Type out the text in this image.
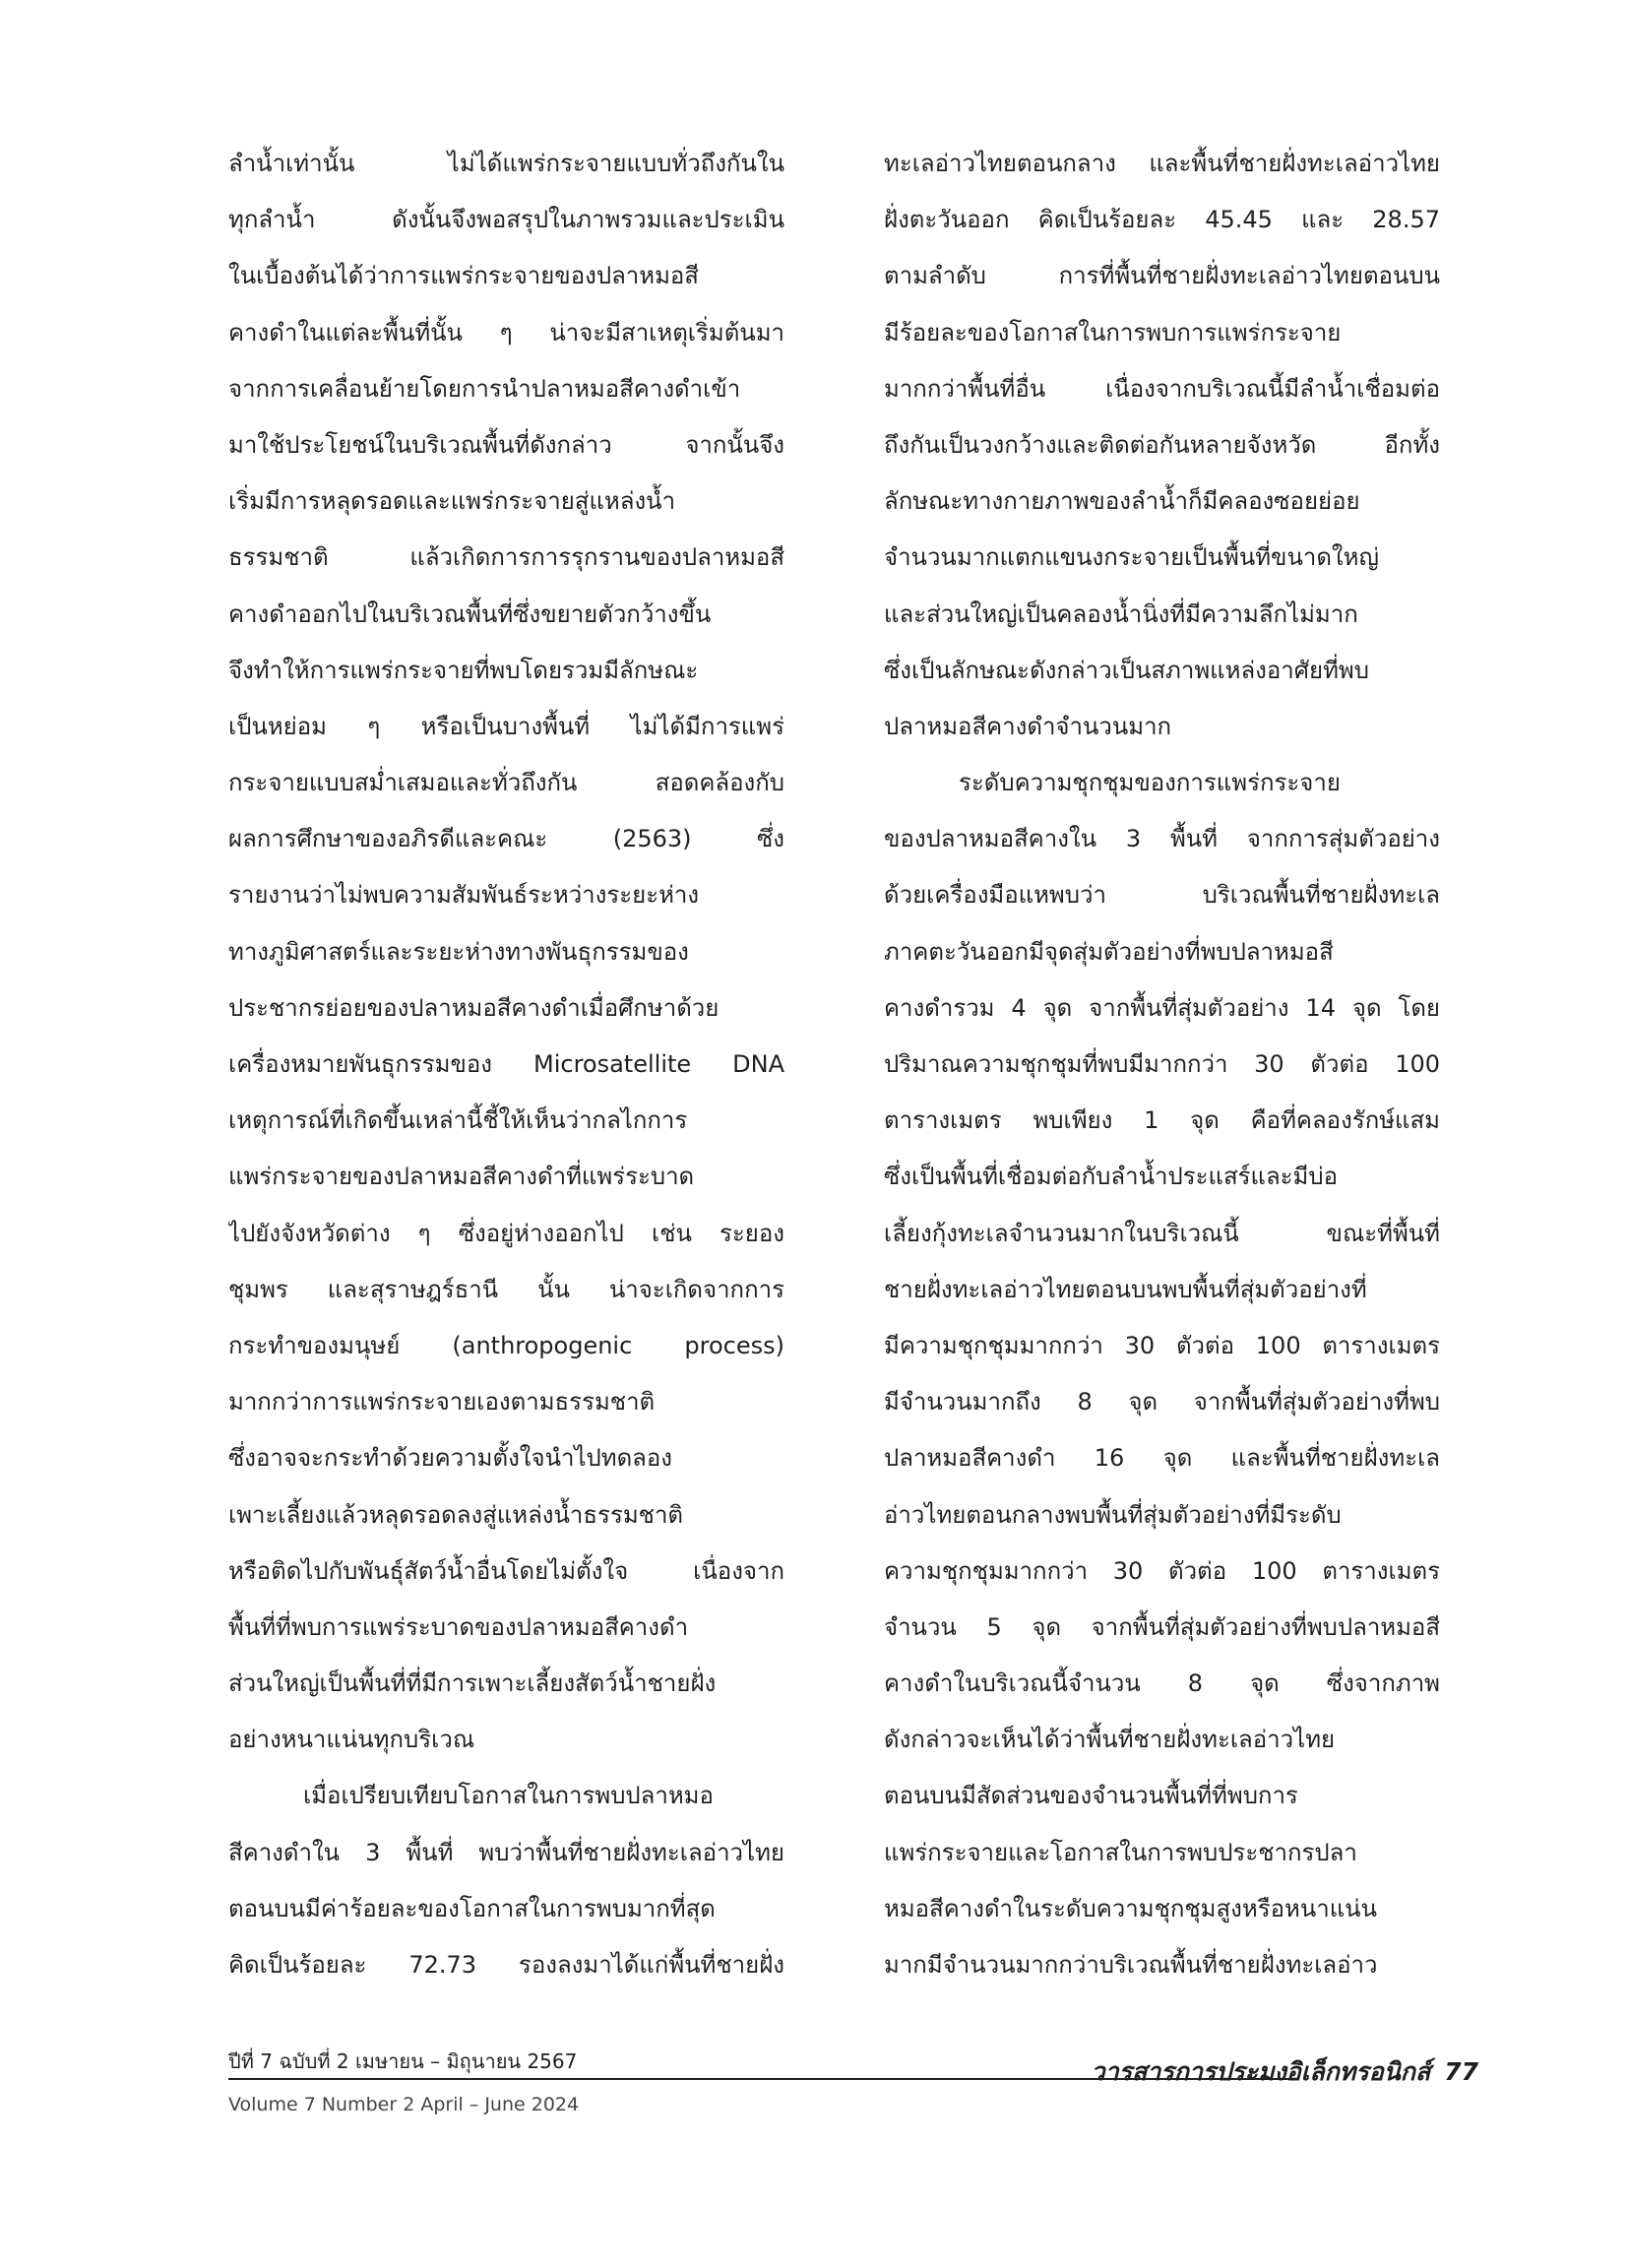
ลำน้ำเท่านั้น ไม่ได้แพร่กระจายแบบทั่วถึงกันใน
ทุกลำน้ำ ดังนั้นจึงพอสรุปในภาพรวมและประเมิน
ในเบื้องต้นได้ว่าการแพร่กระจายของปลาหมอสี
คางดำในแต่ละพื้นที่นั้น ๆ น่าจะมีสาเหตุเริ่มต้นมา
จากการเคลื่อนย้ายโดยการนำปลาหมอสีคางดำเข้า
มาใช้ประโยชน์ในบริเวณพื้นที่ดังกล่าว จากนั้นจึง
เริ่มมีการหลุดรอดและแพร่กระจายสู่แหล่งน้ำ
ธรรมชาติ แล้วเกิดการการรุกรานของปลาหมอสี
คางดำออกไปในบริเวณพื้นที่ซึ่งขยายตัวกว้างขึ้น
จึงทำให้การแพร่กระจายที่พบโดยรวมมีลักษณะ
เป็นหย่อม ๆ หรือเป็นบางพื้นที่ ไม่ได้มีการแพร่
กระจายแบบสม่ำเสมอและทั่วถึงกัน สอดคล้องกับ
ผลการศึกษาของอภิรดีและคณะ (2563) ซึ่ง
รายงานว่าไม่พบความสัมพันธ์ระหว่างระยะห่าง
ทางภูมิศาสตร์และระยะห่างทางพันธุกรรมของ
ประชากรย่อยของปลาหมอสีคางดำเมื่อศึกษาด้วย
เครื่องหมายพันธุกรรมของ Microsatellite DNA
เหตุการณ์ที่เกิดขึ้นเหล่านี้ชี้ให้เห็นว่ากลไกการ
แพร่กระจายของปลาหมอสีคางดำที่แพร่ระบาด
ไปยังจังหวัดต่าง ๆ ซึ่งอยู่ห่างออกไป เช่น ระยอง
ชุมพร และสุราษฎร์ธานี นั้น น่าจะเกิดจากการ
กระทำของมนุษย์ (anthropogenic process)
มากกว่าการแพร่กระจายเองตามธรรมชาติ
ซึ่งอาจจะกระทำด้วยความตั้งใจนำไปทดลอง
เพาะเลี้ยงแล้วหลุดรอดลงสู่แหล่งน้ำธรรมชาติ
หรือติดไปกับพันธุ์สัตว์น้ำอื่นโดยไม่ตั้งใจ เนื่องจาก
พื้นที่ที่พบการแพร่ระบาดของปลาหมอสีคางดำ
ส่วนใหญ่เป็นพื้นที่ที่มีการเพาะเลี้ยงสัตว์น้ำชายฝั่ง
อย่างหนาแน่นทุกบริเวณ
เมื่อเปรียบเทียบโอกาสในการพบปลาหมอ
สีคางดำใน 3 พื้นที่ พบว่าพื้นที่ชายฝั่งทะเลอ่าวไทย
ตอนบนมีค่าร้อยละของโอกาสในการพบมากที่สุด
คิดเป็นร้อยละ 72.73 รองลงมาได้แก่พื้นที่ชายฝั่ง
ทะเลอ่าวไทยตอนกลาง และพื้นที่ชายฝั่งทะเลอ่าวไทย
ฝั่งตะวันออก คิดเป็นร้อยละ 45.45 และ 28.57
ตามลำดับ การที่พื้นที่ชายฝั่งทะเลอ่าวไทยตอนบน
มีร้อยละของโอกาสในการพบการแพร่กระจาย
มากกว่าพื้นที่อื่น เนื่องจากบริเวณนี้มีลำน้ำเชื่อมต่อ
ถึงกันเป็นวงกว้างและติดต่อกันหลายจังหวัด อีกทั้ง
ลักษณะทางกายภาพของลำน้ำก็มีคลองซอยย่อย
จำนวนมากแตกแขนงกระจายเป็นพื้นที่ขนาดใหญ่
และส่วนใหญ่เป็นคลองน้ำนิ่งที่มีความลึกไม่มาก
ซึ่งเป็นลักษณะดังกล่าวเป็นสภาพแหล่งอาศัยที่พบ
ปลาหมอสีคางดำจำนวนมาก
ระดับความชุกชุมของการแพร่กระจาย
ของปลาหมอสีคางใน 3 พื้นที่ จากการสุ่มตัวอย่าง
ด้วยเครื่องมือแหพบว่า บริเวณพื้นที่ชายฝั่งทะเล
ภาคตะวันออกมีจุดสุ่มตัวอย่างที่พบปลาหมอสี
คางดำรวม 4 จุด จากพื้นที่สุ่มตัวอย่าง 14 จุด โดย
ปริมาณความชุกชุมที่พบมีมากกว่า 30 ตัวต่อ 100
ตารางเมตร พบเพียง 1 จุด คือที่คลองรักษ์แสม
ซึ่งเป็นพื้นที่เชื่อมต่อกับลำน้ำประแสร์และมีบ่อ
เลี้ยงกุ้งทะเลจำนวนมากในบริเวณนี้ ขณะที่พื้นที่
ชายฝั่งทะเลอ่าวไทยตอนบนพบพื้นที่สุ่มตัวอย่างที่
มีความชุกชุมมากกว่า 30 ตัวต่อ 100 ตารางเมตร
มีจำนวนมากถึง 8 จุด จากพื้นที่สุ่มตัวอย่างที่พบ
ปลาหมอสีคางดำ 16 จุด และพื้นที่ชายฝั่งทะเล
อ่าวไทยตอนกลางพบพื้นที่สุ่มตัวอย่างที่มีระดับ
ความชุกชุมมากกว่า 30 ตัวต่อ 100 ตารางเมตร
จำนวน 5 จุด จากพื้นที่สุ่มตัวอย่างที่พบปลาหมอสี
คางดำในบริเวณนี้จำนวน 8 จุด ซึ่งจากภาพ
ดังกล่าวจะเห็นได้ว่าพื้นที่ชายฝั่งทะเลอ่าวไทย
ตอนบนมีสัดส่วนของจำนวนพื้นที่ที่พบการ
แพร่กระจายและโอกาสในการพบประชากรปลา
หมอสีคางดำในระดับความชุกชุมสูงหรือหนาแน่น
มากมีจำนวนมากกว่าบริเวณพื้นที่ชายฝั่งทะเลอ่าว
ปีที่ 7 ฉบับที่ 2 เมษายน – มิถุนายน 2567
Volume 7 Number 2 April – June 2024
วารสารการประมงอิเล็กทรอนิกส์ 77
